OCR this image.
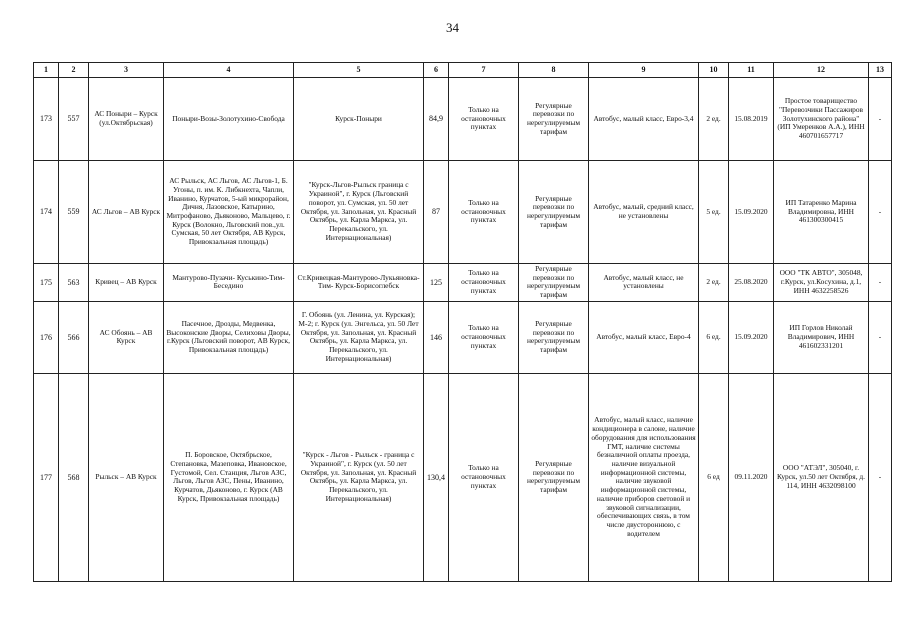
34
1	2	3	4	5	6	7	8	9	10	11	12	13
173	557	АС Поныри – Курск (ул.Октябрьская)	Поныри-Возы-Золотухино-Свобода	Курск-Поныри	84,9	Только на остановочных пунктах	Регулярные перевозки по нерегулируемым тарифам	Автобус, малый класс, Евро-3,4	2 ед.	15.08.2019	Простое товарищество "Перевозчики Пассажиров Золотухинского района" (ИП Умеренков А.А.), ИНН 460701657717	-
174	559	АС Льгов – АВ Курск	АС Рыльск, АС Льгов, АС Льгов-1, Б. Угоны, п. им. К. Либкнехта, Чапли, Иванино, Курчатов, 5-ый микрорайон, Дичня, Лазовское, Катырино, Митрофаново, Дьяконово, Мальцево, г. Курск (Волокно, Льговский пов.,ул. Сумская, 50 лет Октября, АВ Курск, Привокзальная площадь)	"Курск-Льгов-Рыльск граница с Украиной", г. Курск (Льговский поворот, ул. Сумская, ул. 50 лет Октября, ул. Запольная, ул. Красный Октябрь, ул. Карла Маркса, ул. Перекальского, ул. Интернациональная)	87	Только на остановочных пунктах	Регулярные перевозки по нерегулируемым тарифам	Автобус, малый, средний класс, не установлены	5 ед.	15.09.2020	ИП Татаренко Марина Владимировна, ИНН 461300300415	-
175	563	Кривец – АВ Курск	Мантурово-Пузачи- Куськино-Тим-Беседино	Ст.Кривецкая-Мантурово-Лукьяновка- Тим- Курск-Борисоглебск	125	Только на остановочных пунктах	Регулярные перевозки по нерегулируемым тарифам	Автобус, малый класс, не установлены	2 ед.	25.08.2020	ООО "ТК АВТО", 305048, г.Курск, ул.Косухина, д.1, ИНН 4632258526	-
176	566	АС Обоянь – АВ Курск	Пасечное, Дрозды, Медвенка, Высоконские Дворы, Селиховы Дворы, г.Курск (Льговский поворот, АВ Курск, Привокзальная площадь)	Г. Обоянь (ул. Ленина, ул. Курская); М-2; г. Курск (ул. Энгельса, ул. 50 Лет Октября, ул. Запольная, ул. Красный Октябрь, ул. Карла Маркса, ул. Перекальского, ул. Интернациональная)	146	Только на остановочных пунктах	Регулярные перевозки по нерегулируемым тарифам	Автобус, малый класс, Евро-4	6 ед.	15.09.2020	ИП Горлов Николай Владимирович, ИНН 461602331201	-
177	568	Рыльск – АВ Курск	П. Боровское, Октябрьское, Степановка, Мазеповка, Ивановское, Густомой, Сел. Станция, Льгов АЗС, Льгов, Льгов АЗС, Пены, Иванино, Курчатов, Дьяконово, г. Курск (АВ Курск, Привокзальная площадь)	"Курск - Льгов - Рыльск - граница с Украиной", г. Курск (ул. 50 лет Октября, ул. Запольная, ул. Красный Октябрь, ул. Карла Маркса, ул. Перекальского, ул. Интернациональная)	130,4	Только на остановочных пунктах	Регулярные перевозки по нерегулируемым тарифам	Автобус, малый класс, наличие кондиционера в салоне, наличие оборудования для использования ГМТ, наличие системы безналичной оплаты проезда, наличие визуальной информационной системы, наличие звуковой информационной системы, наличие приборов световой и звуковой сигнализации, обеспечивающих связь, в том числе двустороннюю, с водителем	6 ед	09.11.2020	ООО "АТЭЛ", 305040, г. Курск, ул.50 лет Октября, д. 114, ИНН 4632098100	-
